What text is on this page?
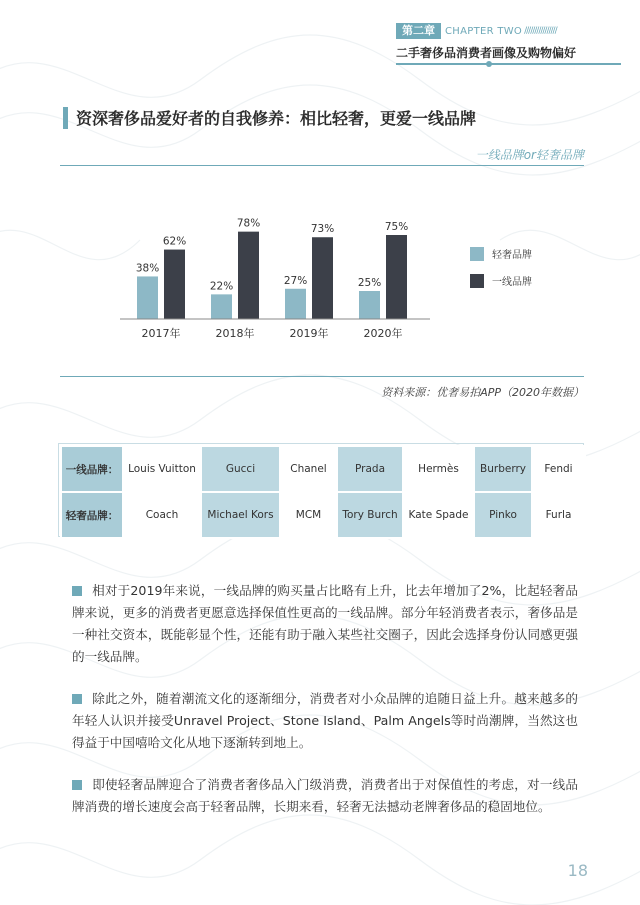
第二章	CHAPTER TWO ////////////////
二手奢侈品消费者画像及购物偏好
资深奢侈品爱好者的自我修养：相比轻奢，更爱一线品牌
一线品牌or轻奢品牌
38%
62%
2017年
22%
78%
2018年
27%
73%
2019年
25%
75%
2020年
轻奢品牌
一线品牌
资料来源：优奢易拍APP（2020年数据）
一线品牌：	Louis Vuitton	Gucci	Chanel	Prada	Hermès	Burberry	Fendi
轻奢品牌：	Coach	Michael Kors	MCM	Tory Burch	Kate Spade	Pinko	Furla
相对于2019年来说，一线品牌的购买量占比略有上升，比去年增加了2%，比起轻奢品牌来说，更多的消费者更愿意选择保值性更高的一线品牌。部分年轻消费者表示，奢侈品是一种社交资本，既能彰显个性，还能有助于融入某些社交圈子，因此会选择身份认同感更强的一线品牌。
除此之外，随着潮流文化的逐渐细分，消费者对小众品牌的追随日益上升。越来越多的年轻人认识并接受Unravel Project、Stone Island、Palm Angels等时尚潮牌，当然这也得益于中国嘻哈文化从地下逐渐转到地上。
即使轻奢品牌迎合了消费者奢侈品入门级消费，消费者出于对保值性的考虑，对一线品牌消费的增长速度会高于轻奢品牌，长期来看，轻奢无法撼动老牌奢侈品的稳固地位。
18
